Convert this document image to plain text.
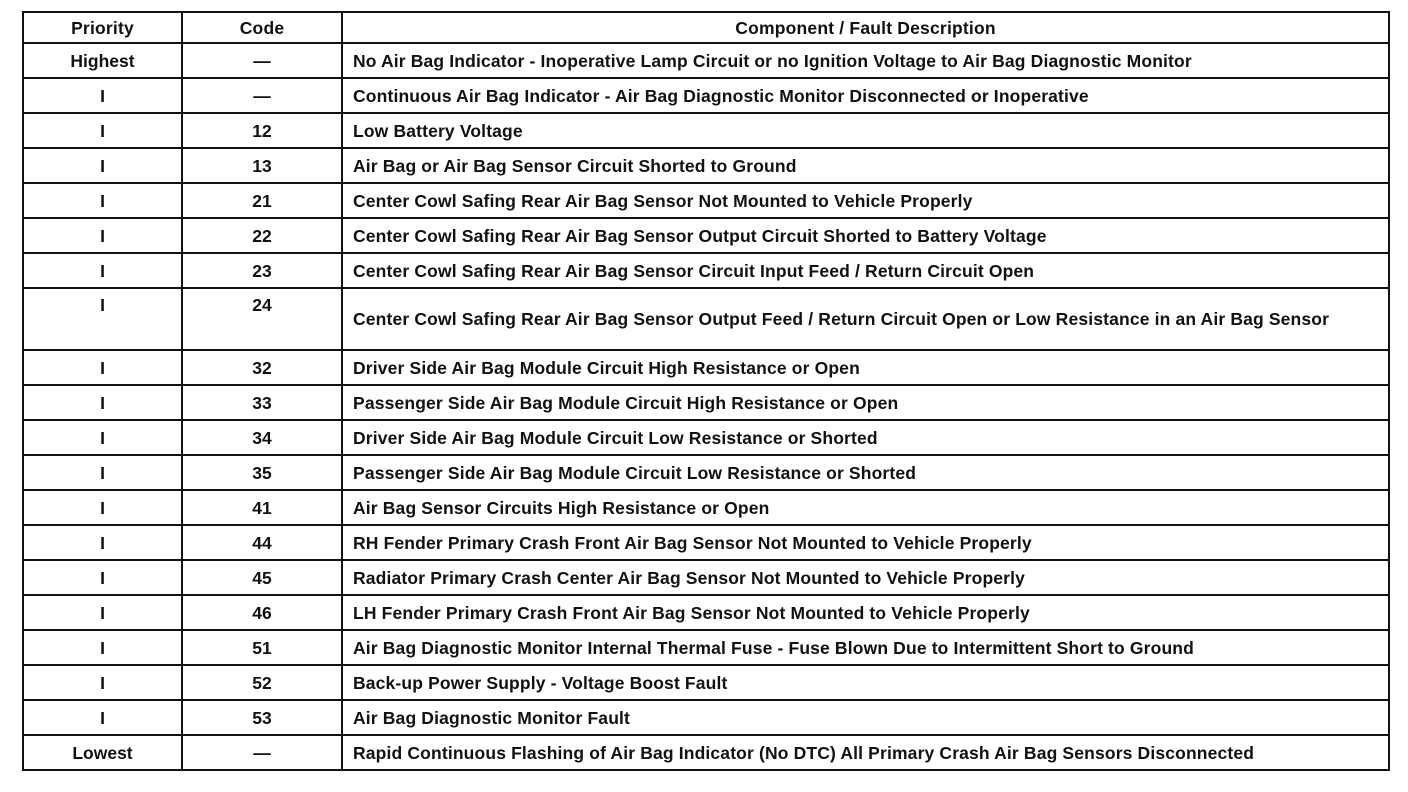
Priority	Code	Component / Fault Description
Highest	—	No Air Bag Indicator - Inoperative Lamp Circuit or no Ignition Voltage to Air Bag Diagnostic Monitor
I	—	Continuous Air Bag Indicator - Air Bag Diagnostic Monitor Disconnected or Inoperative
I	12	Low Battery Voltage
I	13	Air Bag or Air Bag Sensor Circuit Shorted to Ground
I	21	Center Cowl Safing Rear Air Bag Sensor Not Mounted to Vehicle Properly
I	22	Center Cowl Safing Rear Air Bag Sensor Output Circuit Shorted to Battery Voltage
I	23	Center Cowl Safing Rear Air Bag Sensor Circuit Input Feed / Return Circuit Open
I	24	Center Cowl Safing Rear Air Bag Sensor Output Feed / Return Circuit Open or Low Resistance in an Air Bag Sensor
I	32	Driver Side Air Bag Module Circuit High Resistance or Open
I	33	Passenger Side Air Bag Module Circuit High Resistance or Open
I	34	Driver Side Air Bag Module Circuit Low Resistance or Shorted
I	35	Passenger Side Air Bag Module Circuit Low Resistance or Shorted
I	41	Air Bag Sensor Circuits High Resistance or Open
I	44	RH Fender Primary Crash Front Air Bag Sensor Not Mounted to Vehicle Properly
I	45	Radiator Primary Crash Center Air Bag Sensor Not Mounted to Vehicle Properly
I	46	LH Fender Primary Crash Front Air Bag Sensor Not Mounted to Vehicle Properly
I	51	Air Bag Diagnostic Monitor Internal Thermal Fuse - Fuse Blown Due to Intermittent Short to Ground
I	52	Back-up Power Supply - Voltage Boost Fault
I	53	Air Bag Diagnostic Monitor Fault
Lowest	—	Rapid Continuous Flashing of Air Bag Indicator (No DTC) All Primary Crash Air Bag Sensors Disconnected
